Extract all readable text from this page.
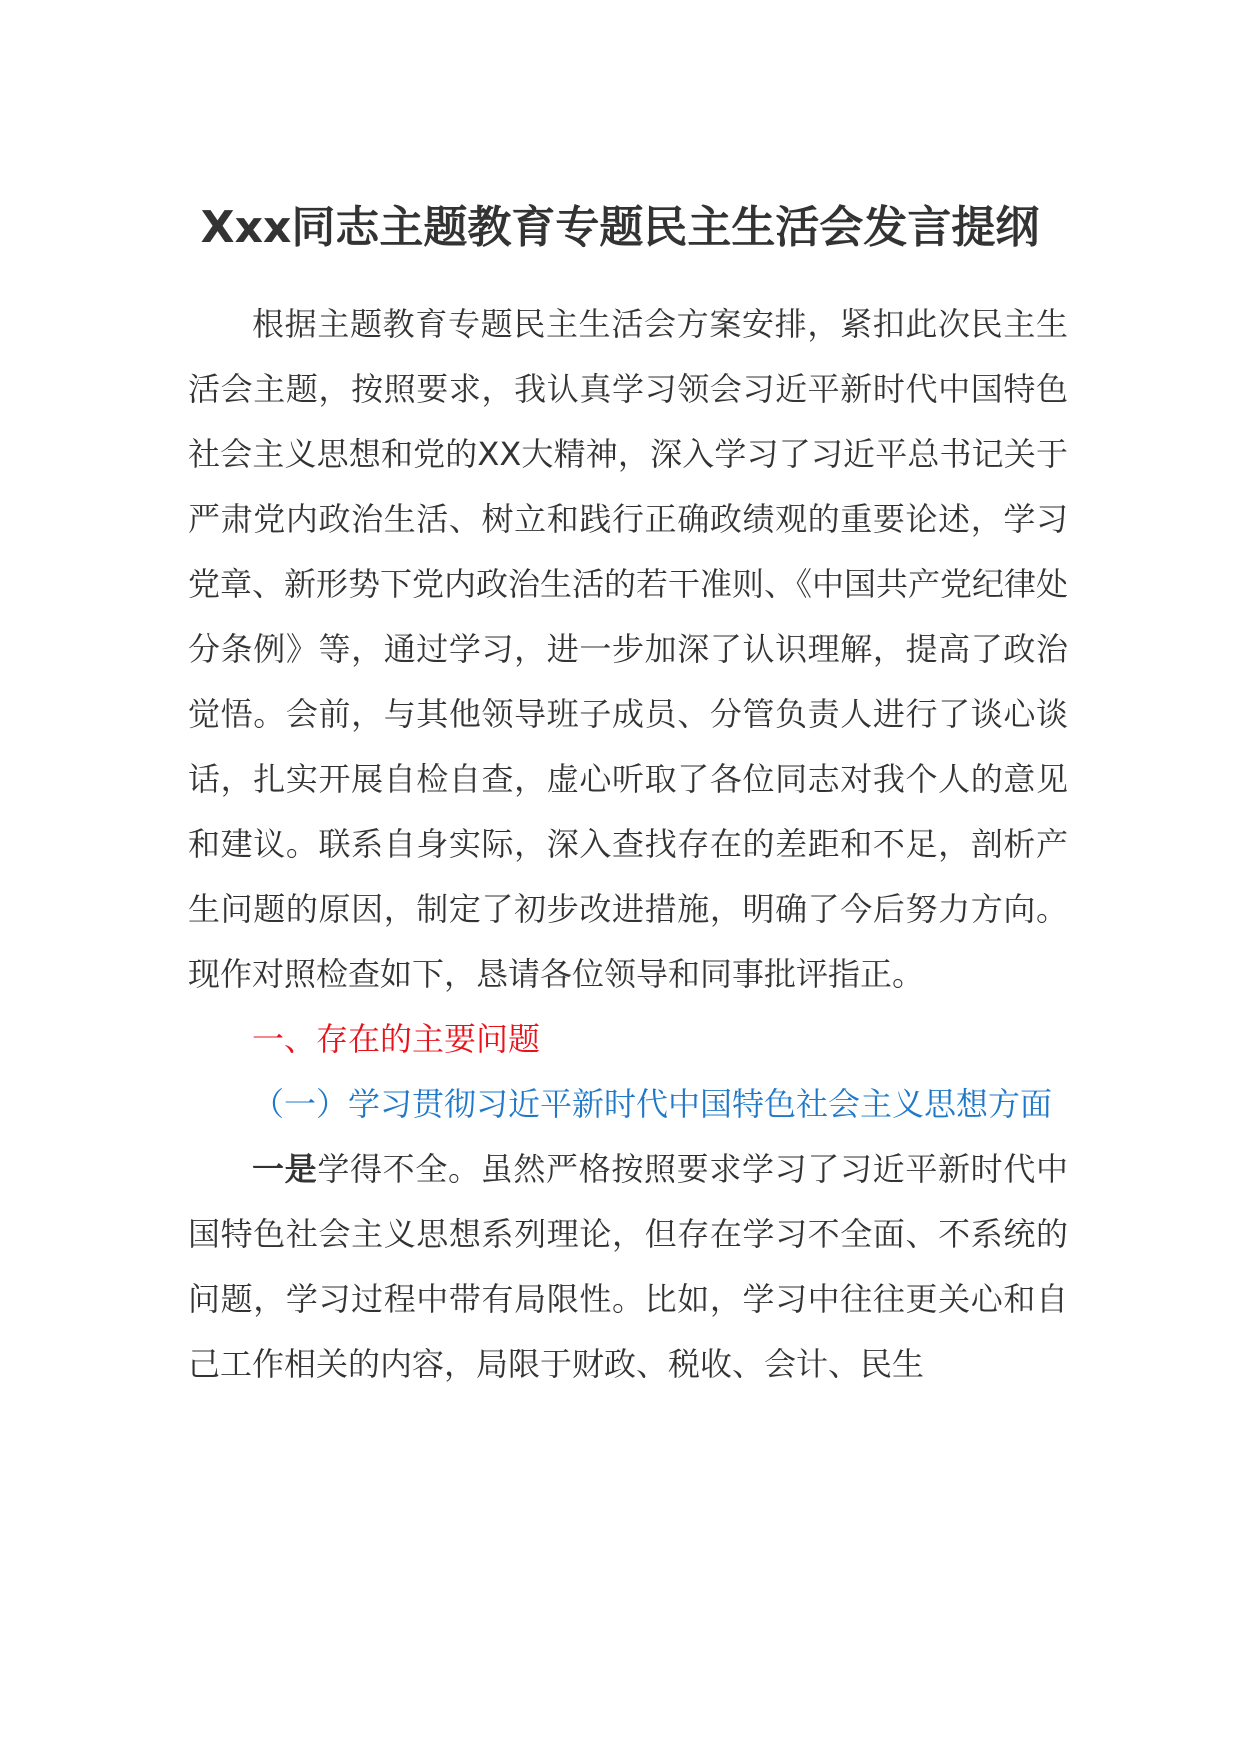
Xxx同志主题教育专题民主生活会发言提纲

根据主题教育专题民主生活会方案安排，紧扣此次民主生活会主题，按照要求，我认真学习领会习近平新时代中国特色社会主义思想和党的XX大精神，深入学习了习近平总书记关于严肃党内政治生活、树立和践行正确政绩观的重要论述，学习党章、新形势下党内政治生活的若干准则、《中国共产党纪律处分条例》等，通过学习，进一步加深了认识理解，提高了政治觉悟。会前，与其他领导班子成员、分管负责人进行了谈心谈话，扎实开展自检自查，虚心听取了各位同志对我个人的意见和建议。联系自身实际，深入查找存在的差距和不足，剖析产生问题的原因，制定了初步改进措施，明确了今后努力方向。现作对照检查如下，恳请各位领导和同事批评指正。

一、存在的主要问题

（一）学习贯彻习近平新时代中国特色社会主义思想方面

一是学得不全。虽然严格按照要求学习了习近平新时代中国特色社会主义思想系列理论，但存在学习不全面、不系统的问题，学习过程中带有局限性。比如，学习中往往更关心和自己工作相关的内容，局限于财政、税收、会计、民生
